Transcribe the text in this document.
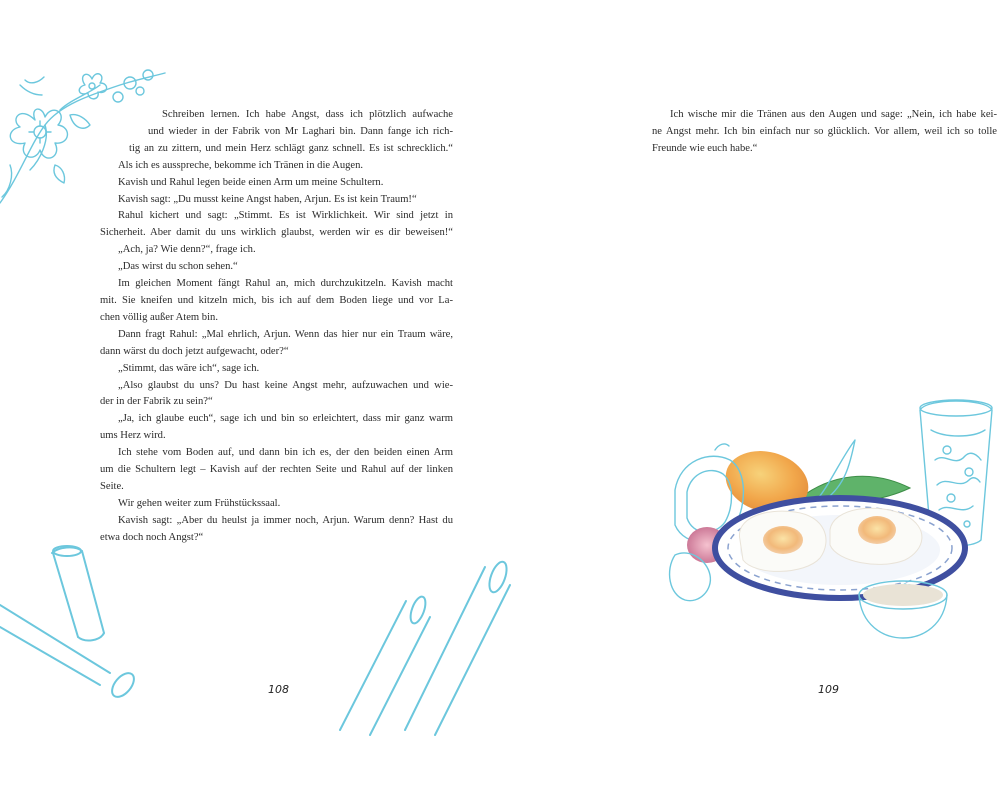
Schreiben lernen. Ich habe Angst, dass ich plötzlich aufwache
und wieder in der Fabrik von Mr Laghari bin. Dann fange ich rich-
tig an zu zittern, und mein Herz schlägt ganz schnell. Es ist schrecklich.“
Als ich es ausspreche, bekomme ich Tränen in die Augen.
Kavish und Rahul legen beide einen Arm um meine Schultern.
Kavish sagt: „Du musst keine Angst haben, Arjun. Es ist kein Traum!“
Rahul kichert und sagt: „Stimmt. Es ist Wirklichkeit. Wir sind jetzt in
Sicherheit. Aber damit du uns wirklich glaubst, werden wir es dir beweisen!“
„Ach, ja? Wie denn?“, frage ich.
„Das wirst du schon sehen.“
Im gleichen Moment fängt Rahul an, mich durchzukitzeln. Kavish macht
mit. Sie kneifen und kitzeln mich, bis ich auf dem Boden liege und vor La-
chen völlig außer Atem bin.
Dann fragt Rahul: „Mal ehrlich, Arjun. Wenn das hier nur ein Traum wäre,
dann wärst du doch jetzt aufgewacht, oder?“
„Stimmt, das wäre ich“, sage ich.
„Also glaubst du uns? Du hast keine Angst mehr, aufzuwachen und wie-
der in der Fabrik zu sein?“
„Ja, ich glaube euch“, sage ich und bin so erleichtert, dass mir ganz warm
ums Herz wird.
Ich stehe vom Boden auf, und dann bin ich es, der den beiden einen Arm
um die Schultern legt – Kavish auf der rechten Seite und Rahul auf der linken
Seite.
Wir gehen weiter zum Frühstückssaal.
Kavish sagt: „Aber du heulst ja immer noch, Arjun. Warum denn? Hast du
etwa doch noch Angst?“
108
Ich wische mir die Tränen aus den Augen und sage: „Nein, ich habe kei-
ne Angst mehr. Ich bin einfach nur so glücklich. Vor allem, weil ich so tolle
Freunde wie euch habe.“
109
